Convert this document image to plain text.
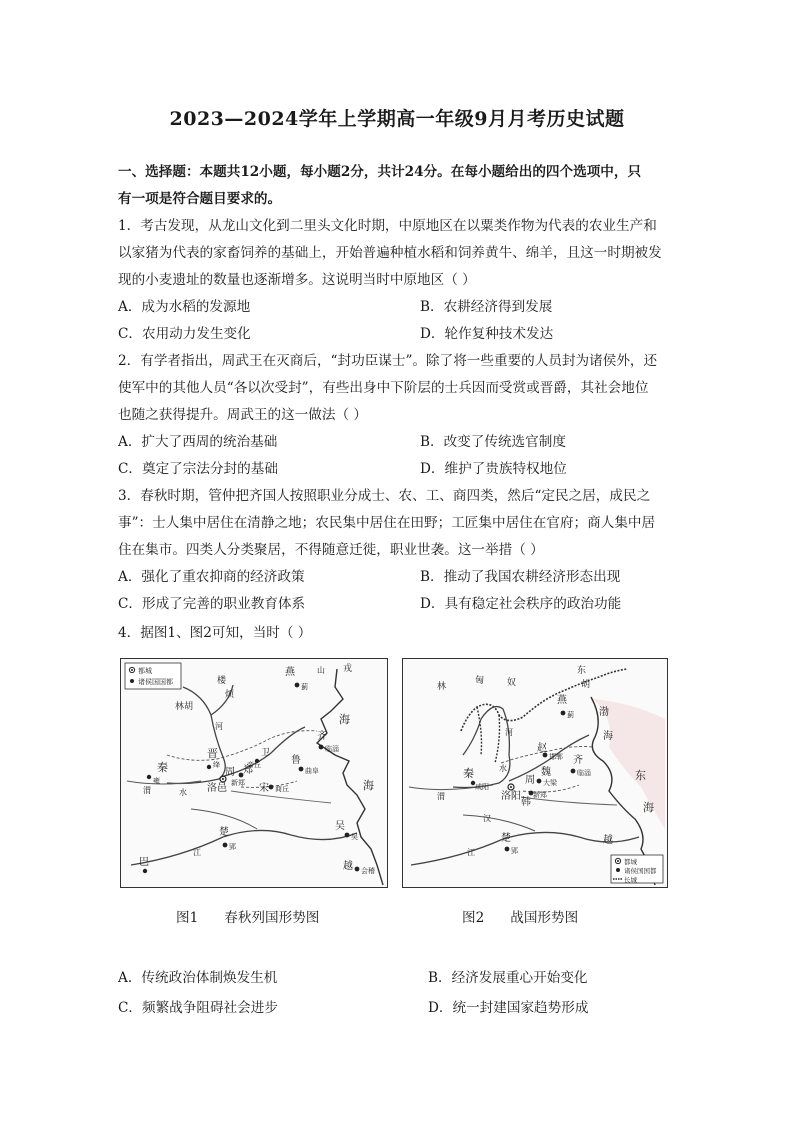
2023—2024学年上学期高一年级9月月考历史试题
一、选择题：本题共12小题，每小题2分，共计24分。在每小题给出的四个选项中，只
有一项是符合题目要求的。
1．考古发现，从龙山文化到二里头文化时期，中原地区在以粟类作物为代表的农业生产和
以家猪为代表的家畜饲养的基础上，开始普遍种植水稻和饲养黄牛、绵羊，且这一时期被发
现的小麦遗址的数量也逐渐增多。这说明当时中原地区（ ）
A．成为水稻的发源地	B．农耕经济得到发展
C．农用动力发生变化	D．轮作复种技术发达
2．有学者指出，周武王在灭商后，“封功臣谋士”。除了将一些重要的人员封为诸侯外，还
使军中的其他人员“各以次受封”，有些出身中下阶层的士兵因而受赏或晋爵，其社会地位
也随之获得提升。周武王的这一做法（ ）
A．扩大了西周的统治基础	B．改变了传统选官制度
C．奠定了宗法分封的基础	D．维护了贵族特权地位
3．春秋时期，管仲把齐国人按照职业分成士、农、工、商四类，然后“定民之居，成民之
事”：士人集中居住在清静之地；农民集中居住在田野；工匠集中居住在官府；商人集中居
住在集市。四类人分类聚居，不得随意迁徙，职业世袭。这一举措（ ）
A．强化了重农抑商的经济政策	B．推动了我国农耕经济形态出现
C．形成了完善的职业教育体系	D．具有稳定社会秩序的政治功能
4．据图1、图2可知，当时（ ）
都城
诸侯国国都
燕
蓟
楼
烦
林胡
山 戎
海
齐
临淄
鲁
曲阜
宋 商丘
郑
新郑
卫
晋
绛	帝丘
周
洛邑
秦
雍
渭	水
河
楚
郢
江
吴
吴
越 会稽
巴
海
都城
诸侯国国都
长城
东
胡
匈	奴
林
燕
蓟	渤
海
赵
邯郸 齐
临淄
魏
大梁
韩
新郑
周
洛阳
秦
咸阳
河
水
渭
汉
江
楚
郢
越
东
海
图1 春秋列国形势图	图2 战国形势图
A．传统政治体制焕发生机	B．经济发展重心开始变化
C．频繁战争阻碍社会进步	D．统一封建国家趋势形成
